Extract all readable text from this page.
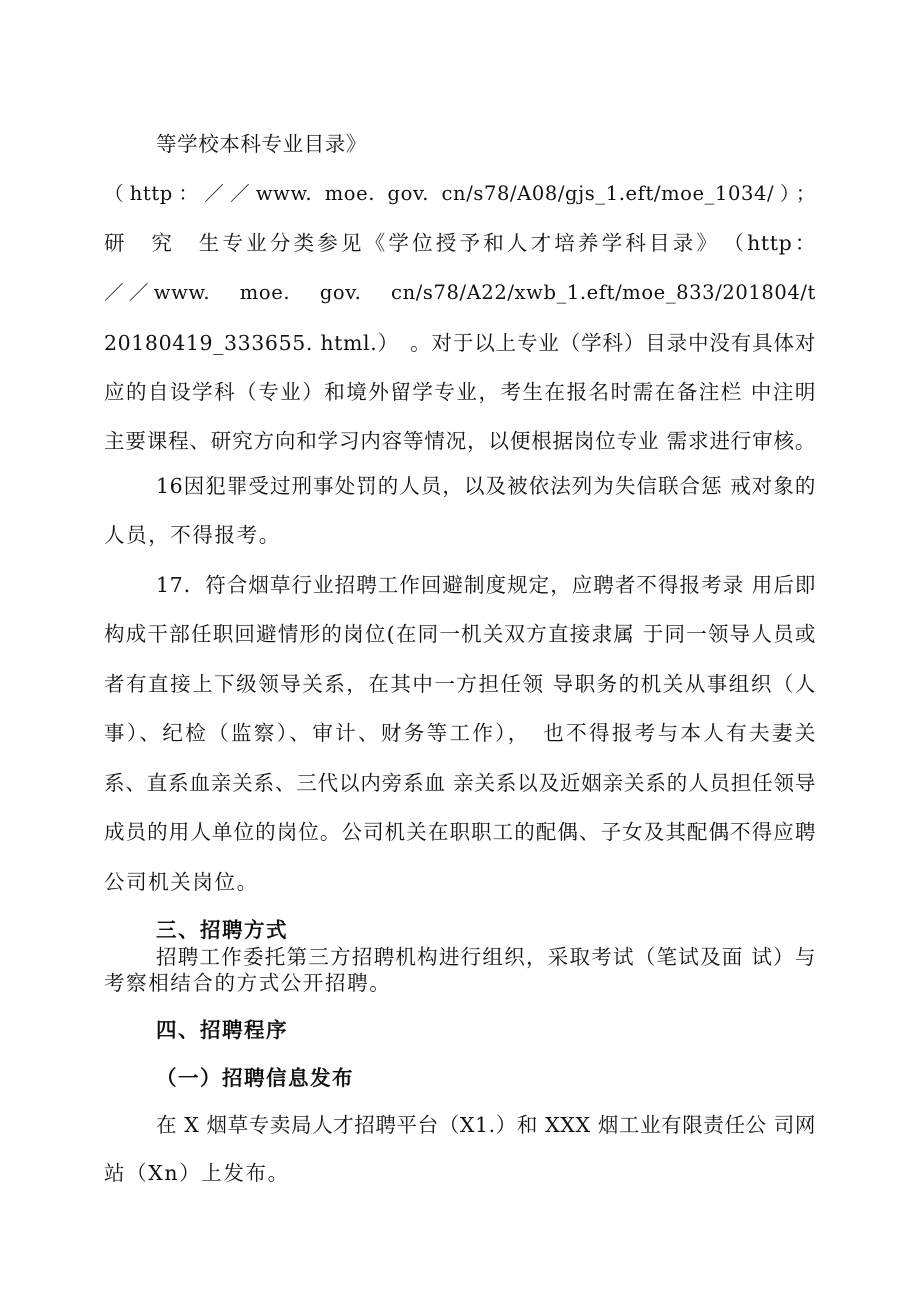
等学校本科专业目录》
（http：／／www. moe. gov. cn/s78/A08/gjs_1.eft/moe_1034/）；
研　究　生专业分类参见《学位授予和人才培养学科目录》　（http：
／／www.　moe.　gov.　cn/s78/A22/xwb_1.eft/moe_833/201804/t
20180419_333655. html.）　。对于以上专业（学科）目录中没有具体对
应的自设学科（专业）和境外留学专业，考生在报名时需在备注栏 中注明
主要课程、研究方向和学习内容等情况，以便根据岗位专业 需求进行审核。
16因犯罪受过刑事处罚的人员，以及被依法列为失信联合惩 戒对象的
人员，不得报考。
17．符合烟草行业招聘工作回避制度规定，应聘者不得报考录 用后即
构成干部任职回避情形的岗位(在同一机关双方直接隶属 于同一领导人员或
者有直接上下级领导关系，在其中一方担任领 导职务的机关从事组织（人
事）、纪检（监察）、审计、财务等工作），　也不得报考与本人有夫妻关
系、直系血亲关系、三代以内旁系血 亲关系以及近姻亲关系的人员担任领导
成员的用人单位的岗位。公司机关在职职工的配偶、子女及其配偶不得应聘
公司机关岗位。
三、招聘方式
招聘工作委托第三方招聘机构进行组织，采取考试（笔试及面 试）与
考察相结合的方式公开招聘。
四、招聘程序
（一）招聘信息发布
在 X 烟草专卖局人才招聘平台（X1.）和 XXX 烟工业有限责任公 司网
站（Xn）上发布。
